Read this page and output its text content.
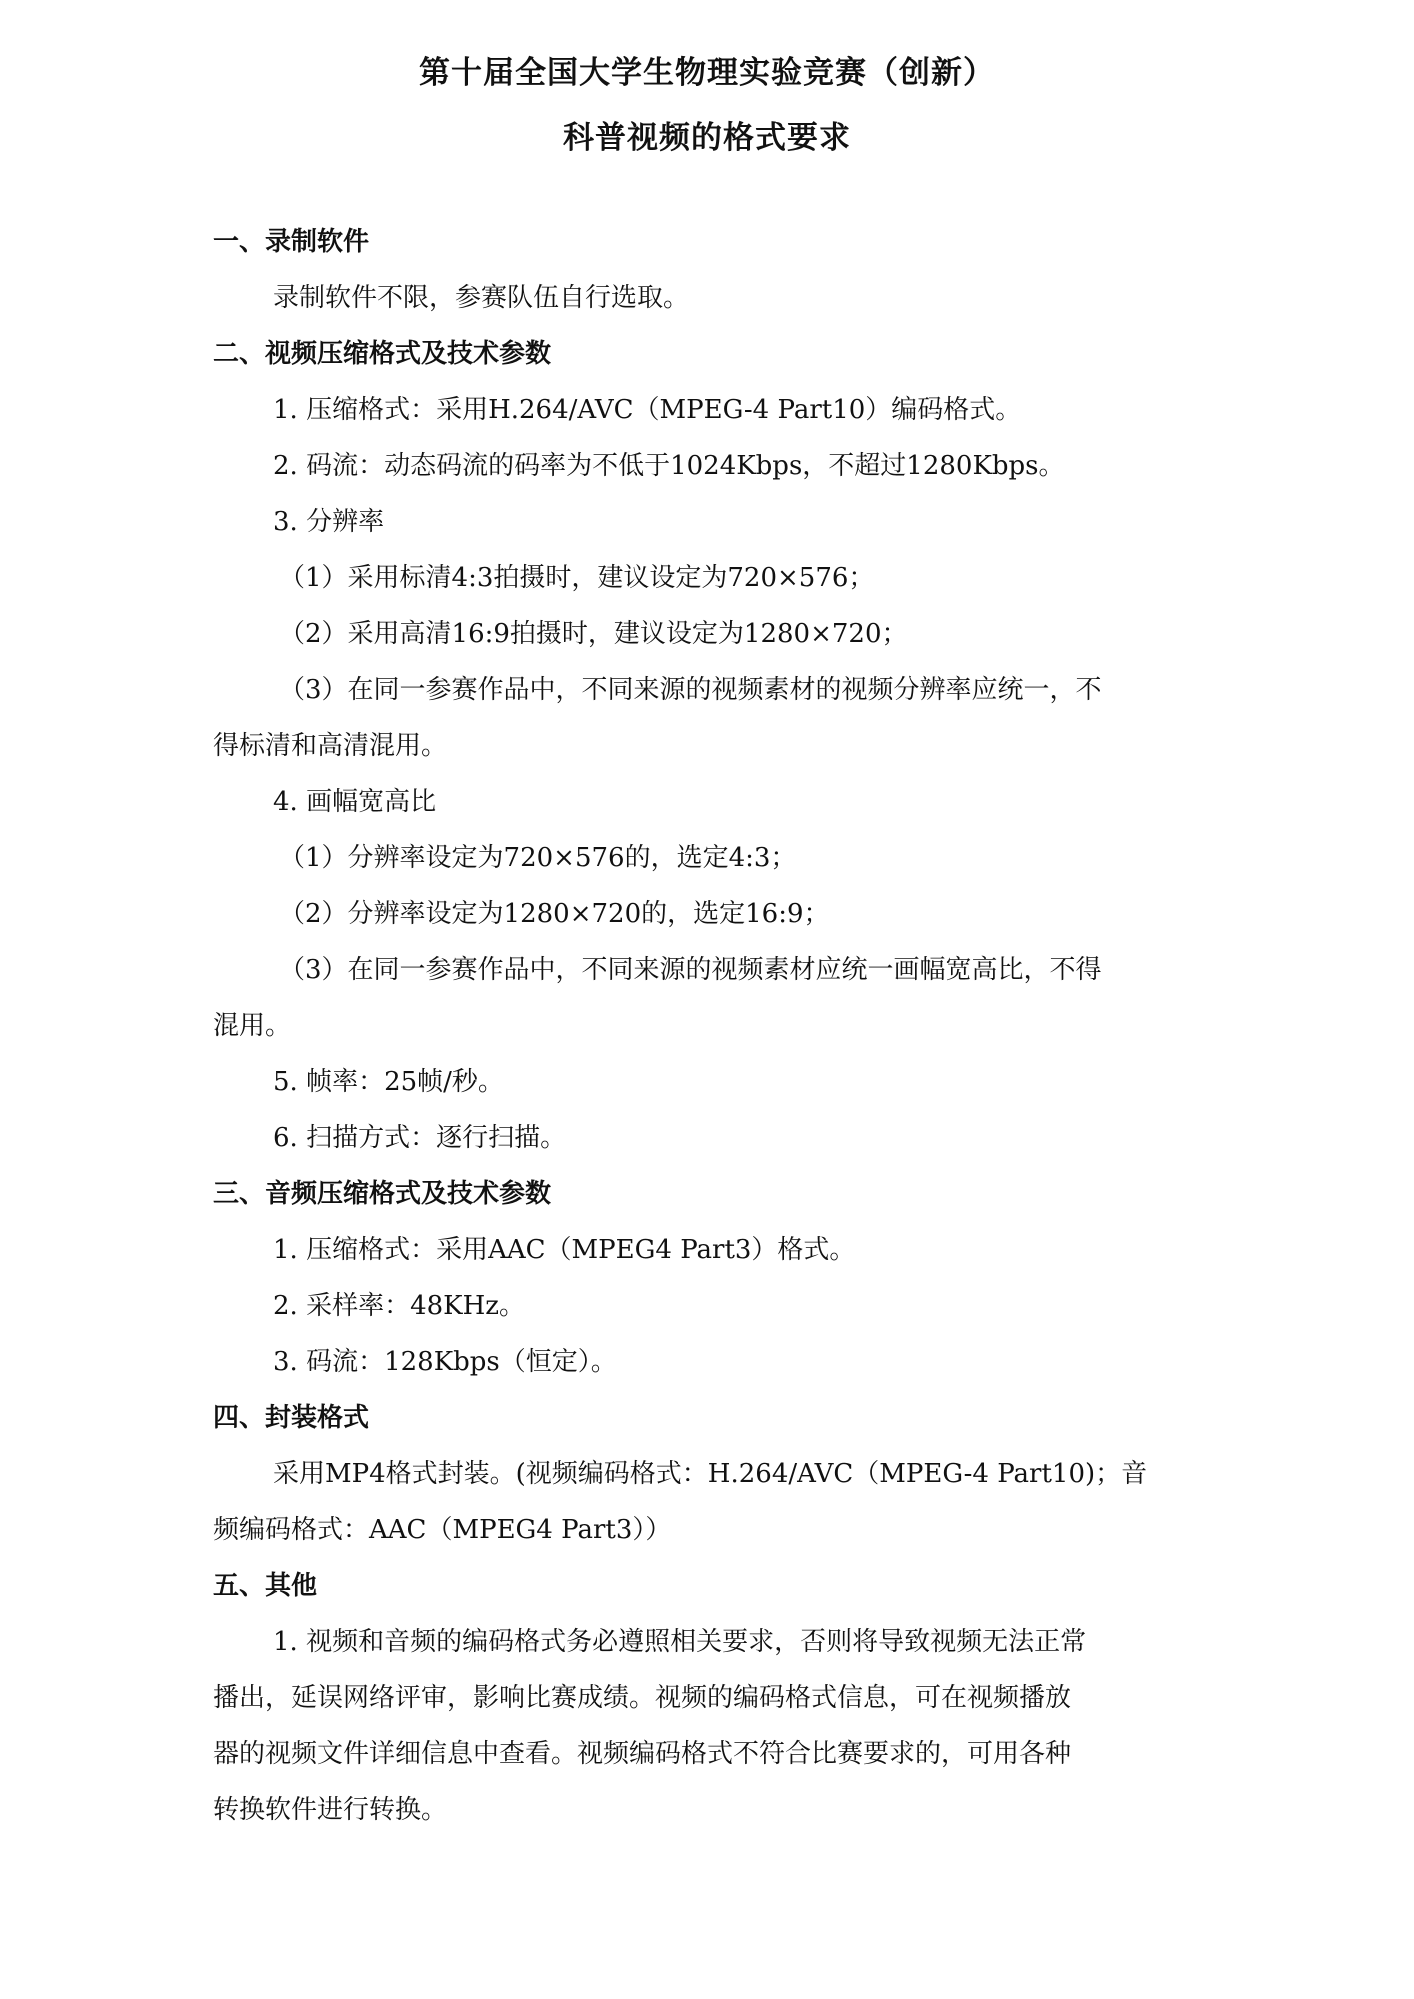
第十届全国大学生物理实验竞赛（创新）
科普视频的格式要求
一、录制软件
录制软件不限，参赛队伍自行选取。
二、视频压缩格式及技术参数
1. 压缩格式：采用H.264/AVC（MPEG-4 Part10）编码格式。
2. 码流：动态码流的码率为不低于1024Kbps，不超过1280Kbps。
3. 分辨率
（1）采用标清4:3拍摄时，建议设定为720×576；
（2）采用高清16:9拍摄时，建议设定为1280×720；
（3）在同一参赛作品中，不同来源的视频素材的视频分辨率应统一，不
得标清和高清混用。
4. 画幅宽高比
（1）分辨率设定为720×576的，选定4:3；
（2）分辨率设定为1280×720的，选定16:9；
（3）在同一参赛作品中，不同来源的视频素材应统一画幅宽高比，不得
混用。
5. 帧率：25帧/秒。
6. 扫描方式：逐行扫描。
三、音频压缩格式及技术参数
1. 压缩格式：采用AAC（MPEG4 Part3）格式。
2. 采样率：48KHz。
3. 码流：128Kbps（恒定）。
四、封装格式
采用MP4格式封装。(视频编码格式：H.264/AVC（MPEG-4 Part10)；音
频编码格式：AAC（MPEG4 Part3））
五、其他
1. 视频和音频的编码格式务必遵照相关要求，否则将导致视频无法正常
播出，延误网络评审，影响比赛成绩。视频的编码格式信息，可在视频播放
器的视频文件详细信息中查看。视频编码格式不符合比赛要求的，可用各种
转换软件进行转换。
